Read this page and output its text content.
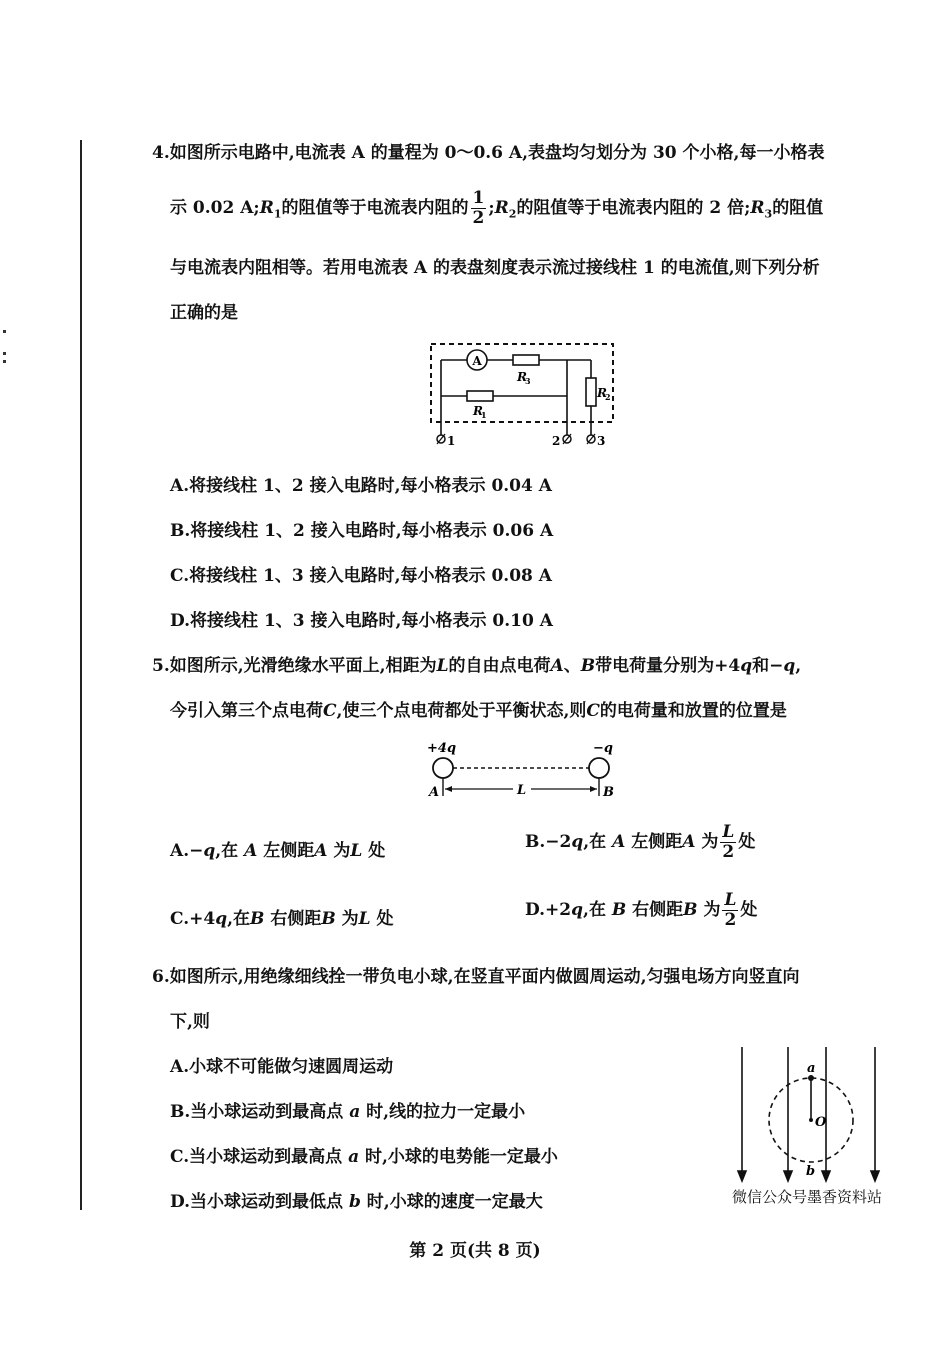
4.如图所示电路中,电流表 A 的量程为 0～0.6 A,表盘均匀划分为 30 个小格,每一小格表
示 0.02 $A;R_1$的阻值等于电流表内阻的 $\frac{1}{2}$ $;R_2$的阻值等于电流表内阻的 2 倍$;R_3$的阻值
与电流表内阻相等。若用电流表 A 的表盘刻度表示流过接线柱 1 的电流值,则下列分析
正确的是
A
R
3
R
1
R
2
1	2	3
A.将接线柱 1、2 接入电路时,每小格表示 0.04 A
B.将接线柱 1、2 接入电路时,每小格表示 0.06 A
C.将接线柱 1、3 接入电路时,每小格表示 0.08 A
D.将接线柱 1、3 接入电路时,每小格表示 0.10 A
5.如图所示,光滑绝缘水平面上,相距为L的自由点电荷A、B带电荷量分别为+4q和−q,
今引入第三个点电荷C,使三个点电荷都处于平衡状态,则C的电荷量和放置的位置是
+4q	−q
L
A	B
A.−q,在 A 左侧距A 为L 处	B.−2q,在 A 左侧距A 为 $\frac{L}{2}$ 处
C.+4q,在B 右侧距B 为L 处	D.+2q,在 B 右侧距B 为 $\frac{L}{2}$ 处
6.如图所示,用绝缘细线拴一带负电小球,在竖直平面内做圆周运动,匀强电场方向竖直向
下,则
A.小球不可能做匀速圆周运动
B.当小球运动到最高点 a 时,线的拉力一定最小
C.当小球运动到最高点 a 时,小球的电势能一定最小
D.当小球运动到最低点 b 时,小球的速度一定最大
a
O
b
微信公众号墨香资料站
第 2 页(共 8 页)
